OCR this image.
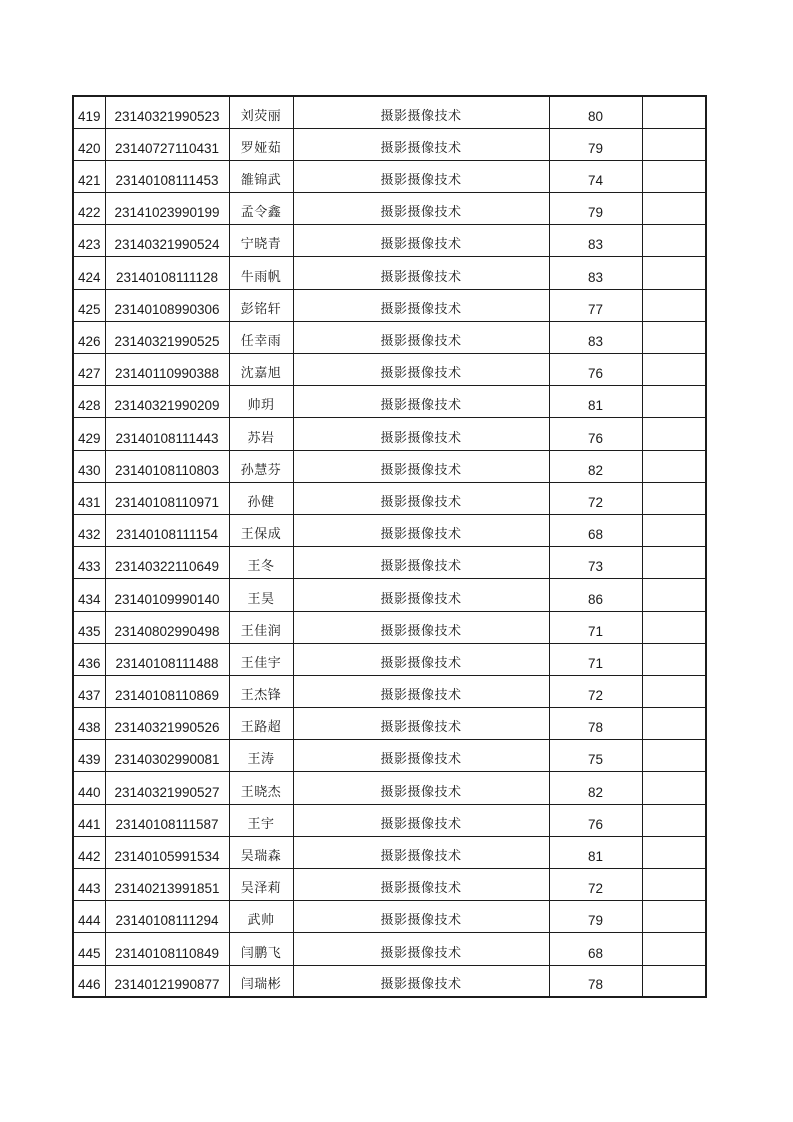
419	23140321990523	刘荧丽	摄影摄像技术	80	
420	23140727110431	罗娅茹	摄影摄像技术	79	
421	23140108111453	雒锦武	摄影摄像技术	74	
422	23141023990199	孟令鑫	摄影摄像技术	79	
423	23140321990524	宁晓青	摄影摄像技术	83	
424	23140108111128	牛雨帆	摄影摄像技术	83	
425	23140108990306	彭铭轩	摄影摄像技术	77	
426	23140321990525	任幸雨	摄影摄像技术	83	
427	23140110990388	沈嘉旭	摄影摄像技术	76	
428	23140321990209	帅玥	摄影摄像技术	81	
429	23140108111443	苏岩	摄影摄像技术	76	
430	23140108110803	孙慧芬	摄影摄像技术	82	
431	23140108110971	孙健	摄影摄像技术	72	
432	23140108111154	王保成	摄影摄像技术	68	
433	23140322110649	王冬	摄影摄像技术	73	
434	23140109990140	王昊	摄影摄像技术	86	
435	23140802990498	王佳润	摄影摄像技术	71	
436	23140108111488	王佳宇	摄影摄像技术	71	
437	23140108110869	王杰锋	摄影摄像技术	72	
438	23140321990526	王路超	摄影摄像技术	78	
439	23140302990081	王涛	摄影摄像技术	75	
440	23140321990527	王晓杰	摄影摄像技术	82	
441	23140108111587	王宇	摄影摄像技术	76	
442	23140105991534	吴瑞森	摄影摄像技术	81	
443	23140213991851	吴泽莉	摄影摄像技术	72	
444	23140108111294	武帅	摄影摄像技术	79	
445	23140108110849	闫鹏飞	摄影摄像技术	68	
446	23140121990877	闫瑞彬	摄影摄像技术	78	
